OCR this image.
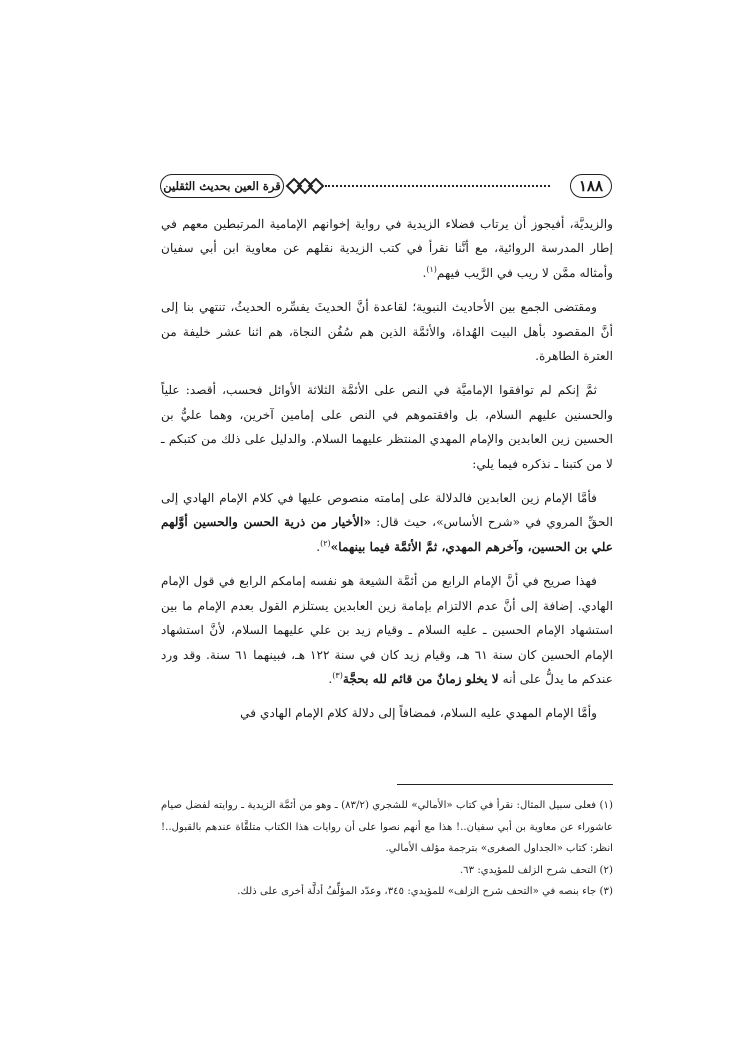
١٨٨
قرة العين بحديث الثقلين

والزيديَّة، أفيجوز أن يرتاب فضلاء الزيدية في رواية إخوانهم الإمامية المرتبطين معهم في إطار المدرسة الروائية، مع أنَّنا نقرأ في كتب الزيدية نقلهم عن معاوية ابن أبي سفيان وأمثاله ممَّن لا ريب في الرَّيب فيهم$^{(١)}$.

ومقتضى الجمع بين الأحاديث النبوية؛ لقاعدة أنَّ الحديثَ يفسِّره الحديثُ، تنتهي بنا إلى أنَّ المقصود بأهل البيت الهُداة، والأئمَّة الذين هم سُفُن النجاة، هم اثنا عشر خليفة من العترة الطاهرة.

ثمَّ إنكم لم توافقوا الإماميَّة في النص على الأئمَّة الثلاثة الأوائل فحسب، أقصد: علياً والحسنين عليهم السلام، بل وافقتموهم في النص على إمامين آخرين، وهما عليُّ بن الحسين زين العابدين والإمام المهدي المنتظر عليهما السلام. والدليل على ذلك من كتبكم ـ لا من كتبنا ـ نذكره فيما يلي:

فأمَّا الإمام زين العابدين فالدلالة على إمامته منصوص عليها في كلام الإمام الهادي إلى الحقِّ المروي في «شرح الأساس»، حيث قال: «الأخيار من ذرية الحسن والحسين أوَّلهم علي بن الحسين، وآخرهم المهدي، ثمَّ الأئمَّة فيما بينهما»$^{(٢)}$.

فهذا صريح في أنَّ الإمام الرابع من أئمَّة الشيعة هو نفسه إمامكم الرابع في قول الإمام الهادي. إضافة إلى أنَّ عدم الالتزام بإمامة زين العابدين يستلزم القول بعدم الإمام ما بين استشهاد الإمام الحسين ـ عليه السلام ـ وقيام زيد بن علي عليهما السلام، لأنَّ استشهاد الإمام الحسين كان سنة ٦١ هـ، وقيام زيد كان في سنة ١٢٢ هـ، فبينهما ٦١ سنة. وقد ورد عندكم ما يدلُّ على أنه لا يخلو زمانٌ من قائم لله بحجَّة$^{(٣)}$.

وأمَّا الإمام المهدي عليه السلام، فمضافاً إلى دلالة كلام الإمام الهادي في

(١) فعلى سبيل المثال: نقرأ في كتاب «الأمالي» للشجري (٨٣/٢) ـ وهو من أئمَّة الزيدية ـ روايته لفضل صيام عاشوراء عن معاوية بن أبي سفيان..! هذا مع أنهم نصوا على أن روايات هذا الكتاب متلقَّاة عندهم بالقبول..! انظر: كتاب «الجداول الصغرى» بترجمة مؤلف الأمالي.

(٢) التحف شرح الزلف للمؤيدي: ٦٣.

(٣) جاء بنصه في «التحف شرح الزلف» للمؤيدي: ٣٤٥، وعدّد المؤلِّفُ أدلَّة أخرى على ذلك.
